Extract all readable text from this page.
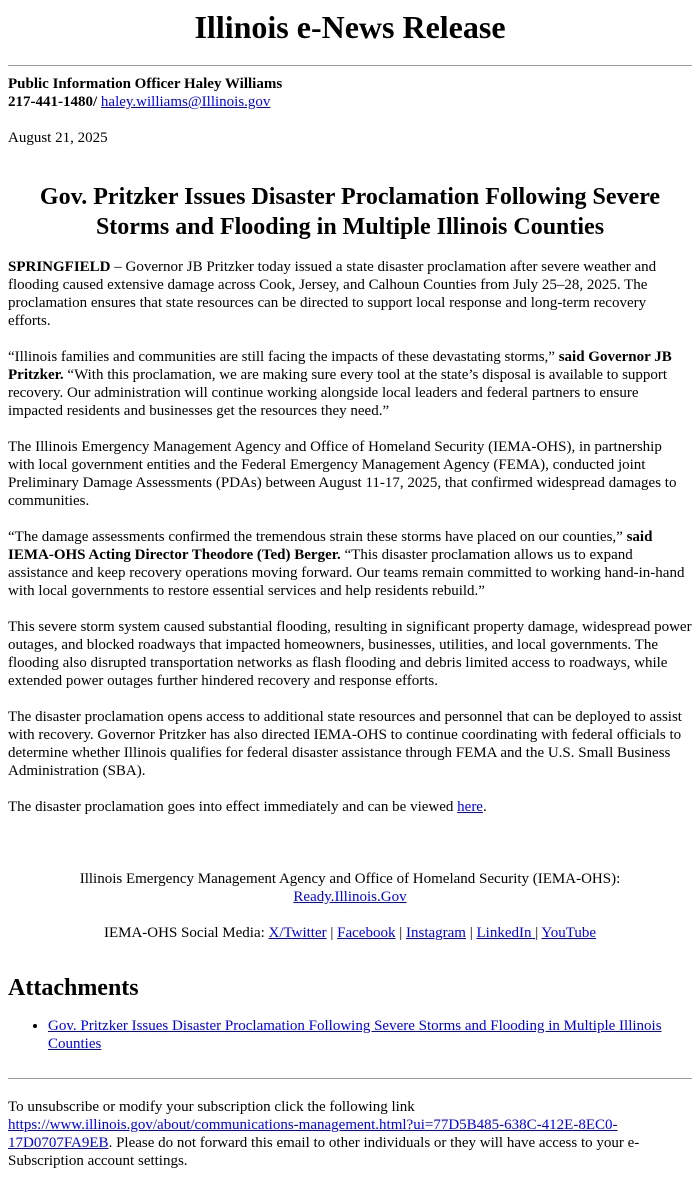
Illinois e-News Release
Public Information Officer Haley Williams
217-441-1480/ haley.williams@Illinois.gov
August 21, 2025
Gov. Pritzker Issues Disaster Proclamation Following Severe Storms and Flooding in Multiple Illinois Counties

SPRINGFIELD – Governor JB Pritzker today issued a state disaster proclamation after severe weather and flooding caused extensive damage across Cook, Jersey, and Calhoun Counties from July 25–28, 2025. The proclamation ensures that state resources can be directed to support local response and long-term recovery efforts.

“Illinois families and communities are still facing the impacts of these devastating storms,” said Governor JB Pritzker. “With this proclamation, we are making sure every tool at the state’s disposal is available to support recovery. Our administration will continue working alongside local leaders and federal partners to ensure impacted residents and businesses get the resources they need.”

The Illinois Emergency Management Agency and Office of Homeland Security (IEMA-OHS), in partnership with local government entities and the Federal Emergency Management Agency (FEMA), conducted joint Preliminary Damage Assessments (PDAs) between August 11-17, 2025, that confirmed widespread damages to communities.

“The damage assessments confirmed the tremendous strain these storms have placed on our counties,” said IEMA-OHS Acting Director Theodore (Ted) Berger. “This disaster proclamation allows us to expand assistance and keep recovery operations moving forward. Our teams remain committed to working hand-in-hand with local governments to restore essential services and help residents rebuild.”

This severe storm system caused substantial flooding, resulting in significant property damage, widespread power outages, and blocked roadways that impacted homeowners, businesses, utilities, and local governments. The flooding also disrupted transportation networks as flash flooding and debris limited access to roadways, while extended power outages further hindered recovery and response efforts.

The disaster proclamation opens access to additional state resources and personnel that can be deployed to assist with recovery. Governor Pritzker has also directed IEMA-OHS to continue coordinating with federal officials to determine whether Illinois qualifies for federal disaster assistance through FEMA and the U.S. Small Business Administration (SBA).

The disaster proclamation goes into effect immediately and can be viewed here.

Illinois Emergency Management Agency and Office of Homeland Security (IEMA-OHS):
Ready.Illinois.Gov
IEMA-OHS Social Media: X/Twitter | Facebook | Instagram | LinkedIn | YouTube
Attachments
• Gov. Pritzker Issues Disaster Proclamation Following Severe Storms and Flooding in Multiple Illinois Counties

To unsubscribe or modify your subscription click the following link https://www.illinois.gov/about/communications-management.html?ui=77D5B485-638C-412E-8EC0-17D0707FA9EB. Please do not forward this email to other individuals or they will have access to your e-Subscription account settings.
